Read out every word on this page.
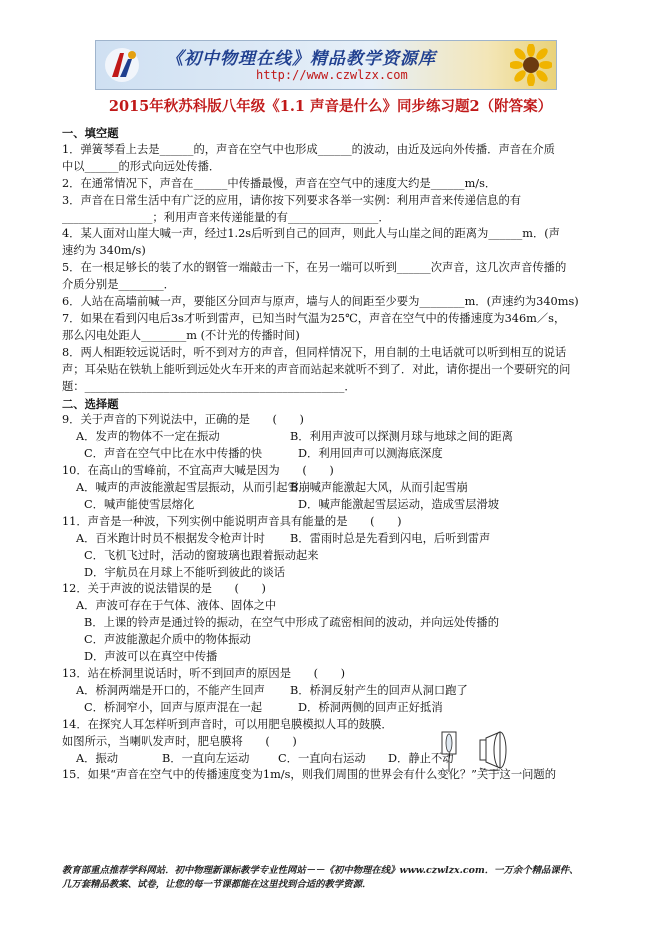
《初中物理在线》精品教学资源库
http://www.czwlzx.com
2015年秋苏科版八年级《1.1 声音是什么》同步练习题2（附答案）

一、填空题

1．弹簧琴看上去是______的，声音在空气中也形成______的波动，由近及远向外传播．声音在介质

中以______的形式向远处传播．

2．在通常情况下，声音在______中传播最慢，声音在空气中的速度大约是______m/s．

3．声音在日常生活中有广泛的应用，请你按下列要求各举一实例：利用声音来传递信息的有

________________；利用声音来传递能量的有________________．

4．某人面对山崖大喊一声，经过1.2s后听到自己的回声，则此人与山崖之间的距离为______m．(声

速约为 340m/s)

5．在一根足够长的装了水的钢管一端敲击一下，在另一端可以听到______次声音，这几次声音传播的

介质分别是________．

6．人站在高墙前喊一声，要能区分回声与原声，墙与人的间距至少要为________m．(声速约为340ms)

7．如果在看到闪电后3s才听到雷声，已知当时气温为25℃，声音在空气中的传播速度为346m／s，

那么闪电处距人________m (不计光的传播时间)

8．两人相距较远说话时，听不到对方的声音，但同样情况下，用自制的土电话就可以听到相互的说话

声；耳朵贴在铁轨上能听到远处火车开来的声音而站起来就听不到了．对此，请你提出一个要研究的问

题：______________________________________________．

二、选择题

9．关于声音的下列说法中，正确的是　　(　　)

A．发声的物体不一定在振动	B．利用声波可以探测月球与地球之间的距离

C．声音在空气中比在水中传播的快	D．利用回声可以测海底深度

10．在高山的雪峰前，不宜高声大喊是因为　　(　　)

A．喊声的声波能激起雪层振动，从而引起雪崩
B．喊声能激起大风，从而引起雪崩

C．喊声能使雪层熔化	D．喊声能激起雪层运动，造成雪层滑坡

11．声音是一种波，下列实例中能说明声音具有能量的是　　(　　)

A．百米跑计时员不根据发令枪声计时	B．雷雨时总是先看到闪电，后听到雷声

C．飞机飞过时，活动的窗玻璃也跟着振动起来

D．宇航员在月球上不能听到彼此的谈话

12．关于声波的说法错误的是　　(　　)

A．声波可存在于气体、液体、固体之中

B．上课的铃声是通过铃的振动，在空气中形成了疏密相间的波动，并向远处传播的

C．声波能激起介质中的物体振动

D．声波可以在真空中传播

13．站在桥洞里说话时，听不到回声的原因是　　(　　)

A．桥洞两端是开口的，不能产生回声	B．桥洞反射产生的回声从洞口跑了

C．桥洞窄小，回声与原声混在一起	D．桥洞两侧的回声正好抵消

14．在探究人耳怎样听到声音时，可以用肥皂膜模拟人耳的鼓膜．

如图所示，当喇叭发声时，肥皂膜将　　(　　)

A．振动	B．一直向左运动	C．一直向右运动	D．静止不动

15．如果“声音在空气中的传播速度变为1m/s，则我们周围的世界会有什么变化？”关于这一问题的

教育部重点推荐学科网站．初中物理新课标教学专业性网站－－《初中物理在线》www.czwlzx.com．一万余个精品课件、

几万套精品教案、试卷，让您的每一节课都能在这里找到合适的教学资源．
